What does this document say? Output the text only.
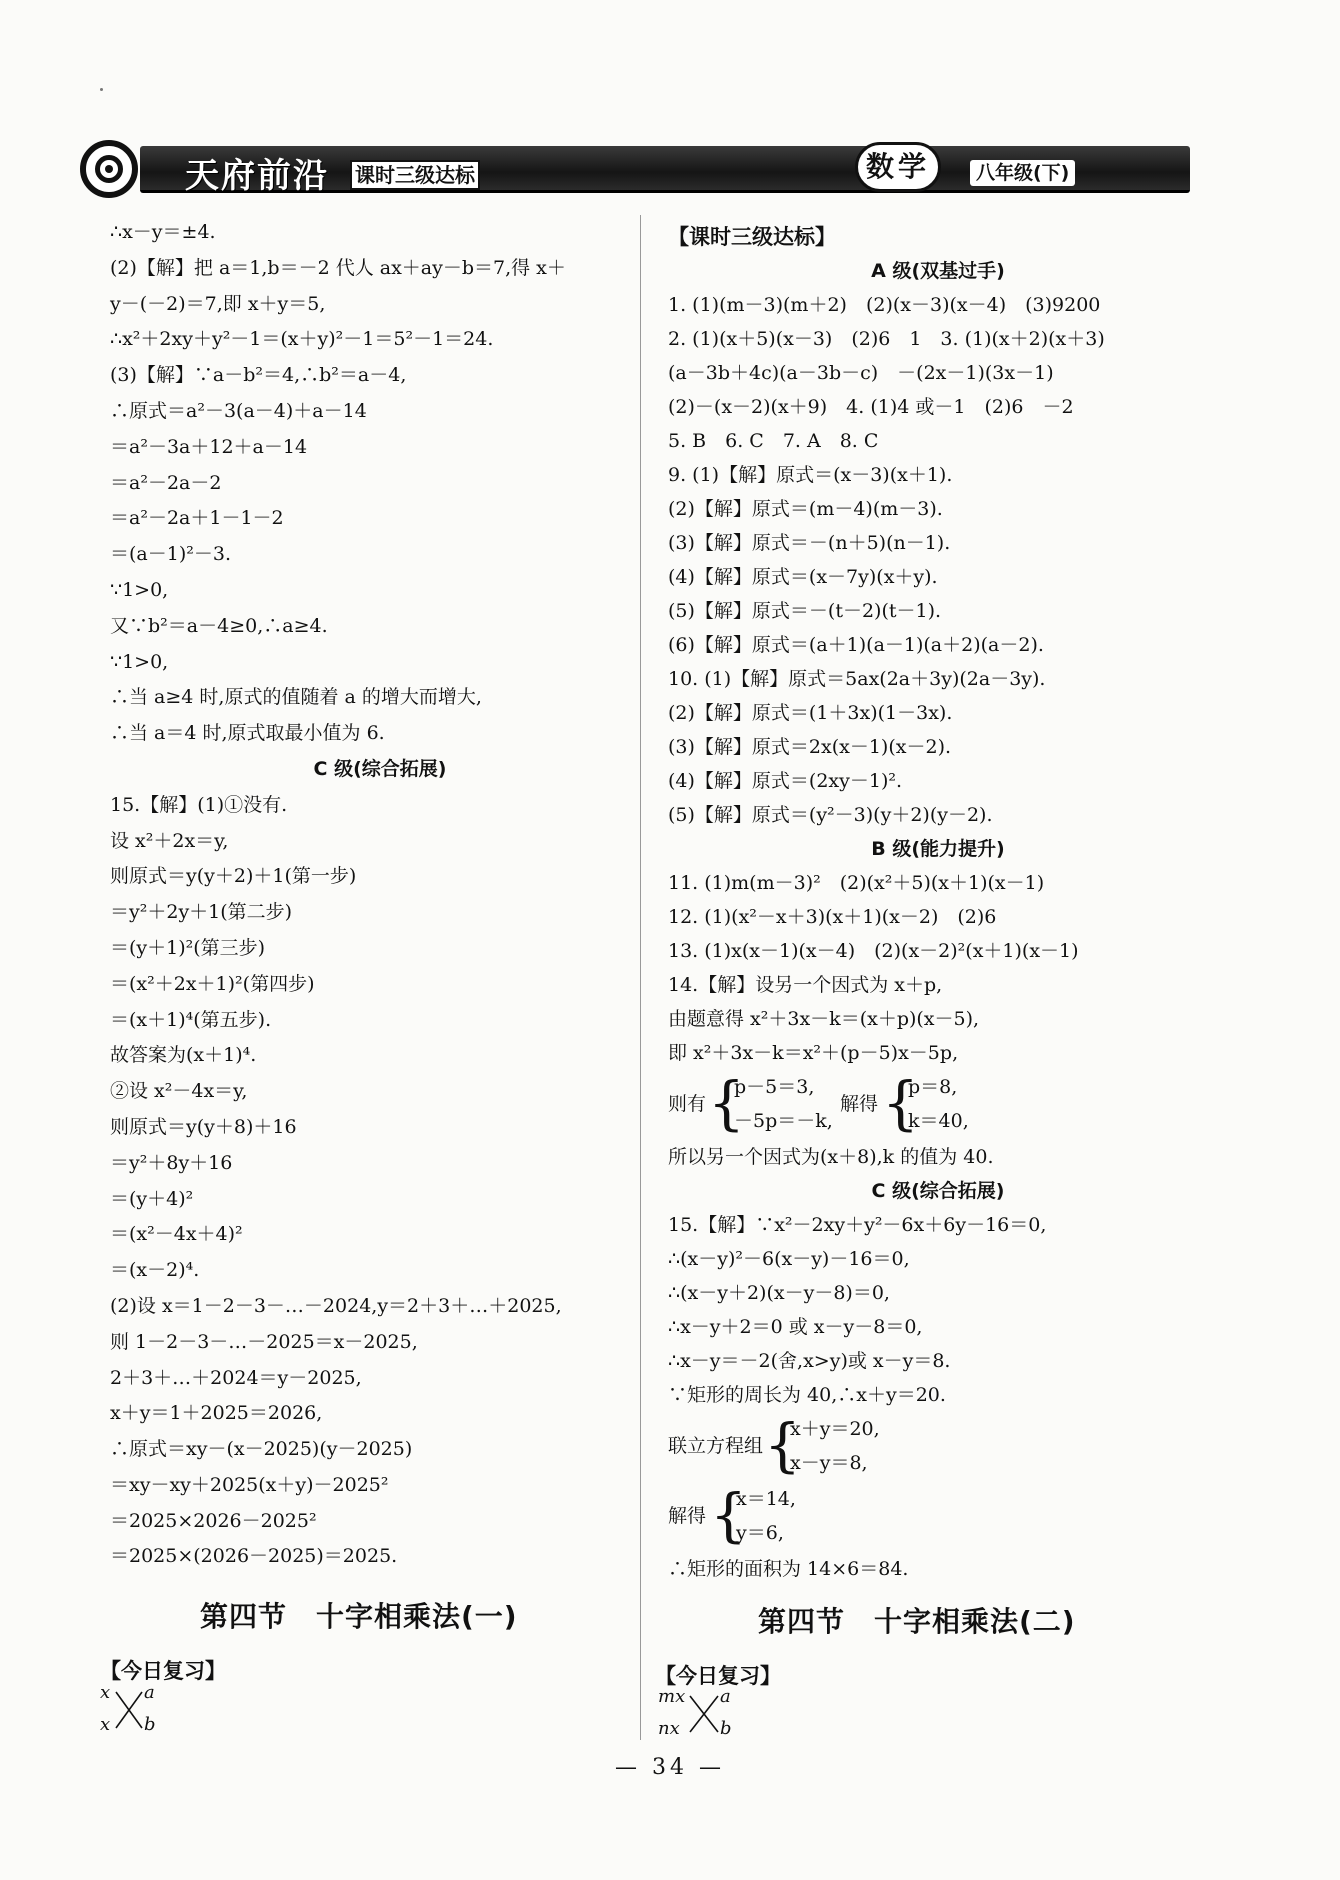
天府前沿 课时三级达标	数学	八年级(下)
∴x－y＝±4.
(2)【解】把 a＝1,b＝－2 代人 ax＋ay－b＝7,得 x＋
y－(－2)＝7,即 x＋y＝5,
∴x²＋2xy＋y²－1＝(x＋y)²－1＝5²－1＝24.
(3)【解】∵a－b²＝4,∴b²＝a－4,
∴原式＝a²－3(a－4)＋a－14
＝a²－3a＋12＋a－14
＝a²－2a－2
＝a²－2a＋1－1－2
＝(a－1)²－3.
∵1>0,
又∵b²＝a－4≥0,∴a≥4.
∵1>0,
∴当 a≥4 时,原式的值随着 a 的增大而增大,
∴当 a＝4 时,原式取最小值为 6.
C 级(综合拓展)
15.【解】(1)①没有.
设 x²＋2x＝y,
则原式＝y(y＋2)＋1(第一步)
＝y²＋2y＋1(第二步)
＝(y＋1)²(第三步)
＝(x²＋2x＋1)²(第四步)
＝(x＋1)⁴(第五步).
故答案为(x＋1)⁴.
②设 x²－4x＝y,
则原式＝y(y＋8)＋16
＝y²＋8y＋16
＝(y＋4)²
＝(x²－4x＋4)²
＝(x－2)⁴.
(2)设 x＝1－2－3－…－2024,y＝2＋3＋…＋2025,
则 1－2－3－…－2025＝x－2025,
2＋3＋…＋2024＝y－2025,
x＋y＝1＋2025＝2026,
∴原式＝xy－(x－2025)(y－2025)
＝xy－xy＋2025(x＋y)－2025²
＝2025×2026－2025²
＝2025×(2026－2025)＝2025.
【课时三级达标】
A 级(双基过手)
1. (1)(m－3)(m＋2)　(2)(x－3)(x－4)　(3)9200
2. (1)(x＋5)(x－3)　(2)6　1　3. (1)(x＋2)(x＋3)
(a－3b＋4c)(a－3b－c)　－(2x－1)(3x－1)
(2)－(x－2)(x＋9)　4. (1)4 或－1　(2)6　－2
5. B　6. C　7. A　8. C
9. (1)【解】原式＝(x－3)(x＋1).
(2)【解】原式＝(m－4)(m－3).
(3)【解】原式＝－(n＋5)(n－1).
(4)【解】原式＝(x－7y)(x＋y).
(5)【解】原式＝－(t－2)(t－1).
(6)【解】原式＝(a＋1)(a－1)(a＋2)(a－2).
10. (1)【解】原式＝5ax(2a＋3y)(2a－3y).
(2)【解】原式＝(1＋3x)(1－3x).
(3)【解】原式＝2x(x－1)(x－2).
(4)【解】原式＝(2xy－1)².
(5)【解】原式＝(y²－3)(y＋2)(y－2).
B 级(能力提升)
11. (1)m(m－3)²　(2)(x²＋5)(x＋1)(x－1)
12. (1)(x²－x＋3)(x＋1)(x－2)　(2)6
13. (1)x(x－1)(x－4)　(2)(x－2)²(x＋1)(x－1)
14.【解】设另一个因式为 x＋p,
由题意得 x²＋3x－k＝(x＋p)(x－5),
即 x²＋3x－k＝x²＋(p－5)x－5p,
则有 {
p－5＝3,
－5p＝－k,
解得 {
p＝8,
k＝40,
所以另一个因式为(x＋8),k 的值为 40.
C 级(综合拓展)
15.【解】∵x²－2xy＋y²－6x＋6y－16＝0,
∴(x－y)²－6(x－y)－16＝0,
∴(x－y＋2)(x－y－8)＝0,
∴x－y＋2＝0 或 x－y－8＝0,
∴x－y＝－2(舍,x>y)或 x－y＝8.
∵矩形的周长为 40,∴x＋y＝20.
联立方程组 {
x＋y＝20,
x－y＝8,
解得 {
x＝14,
y＝6,
∴矩形的面积为 14×6＝84.
第四节　十字相乘法(一)	第四节　十字相乘法(二)
【今日复习】	【今日复习】
x a
x b
mx a
nx b
— 34 —
